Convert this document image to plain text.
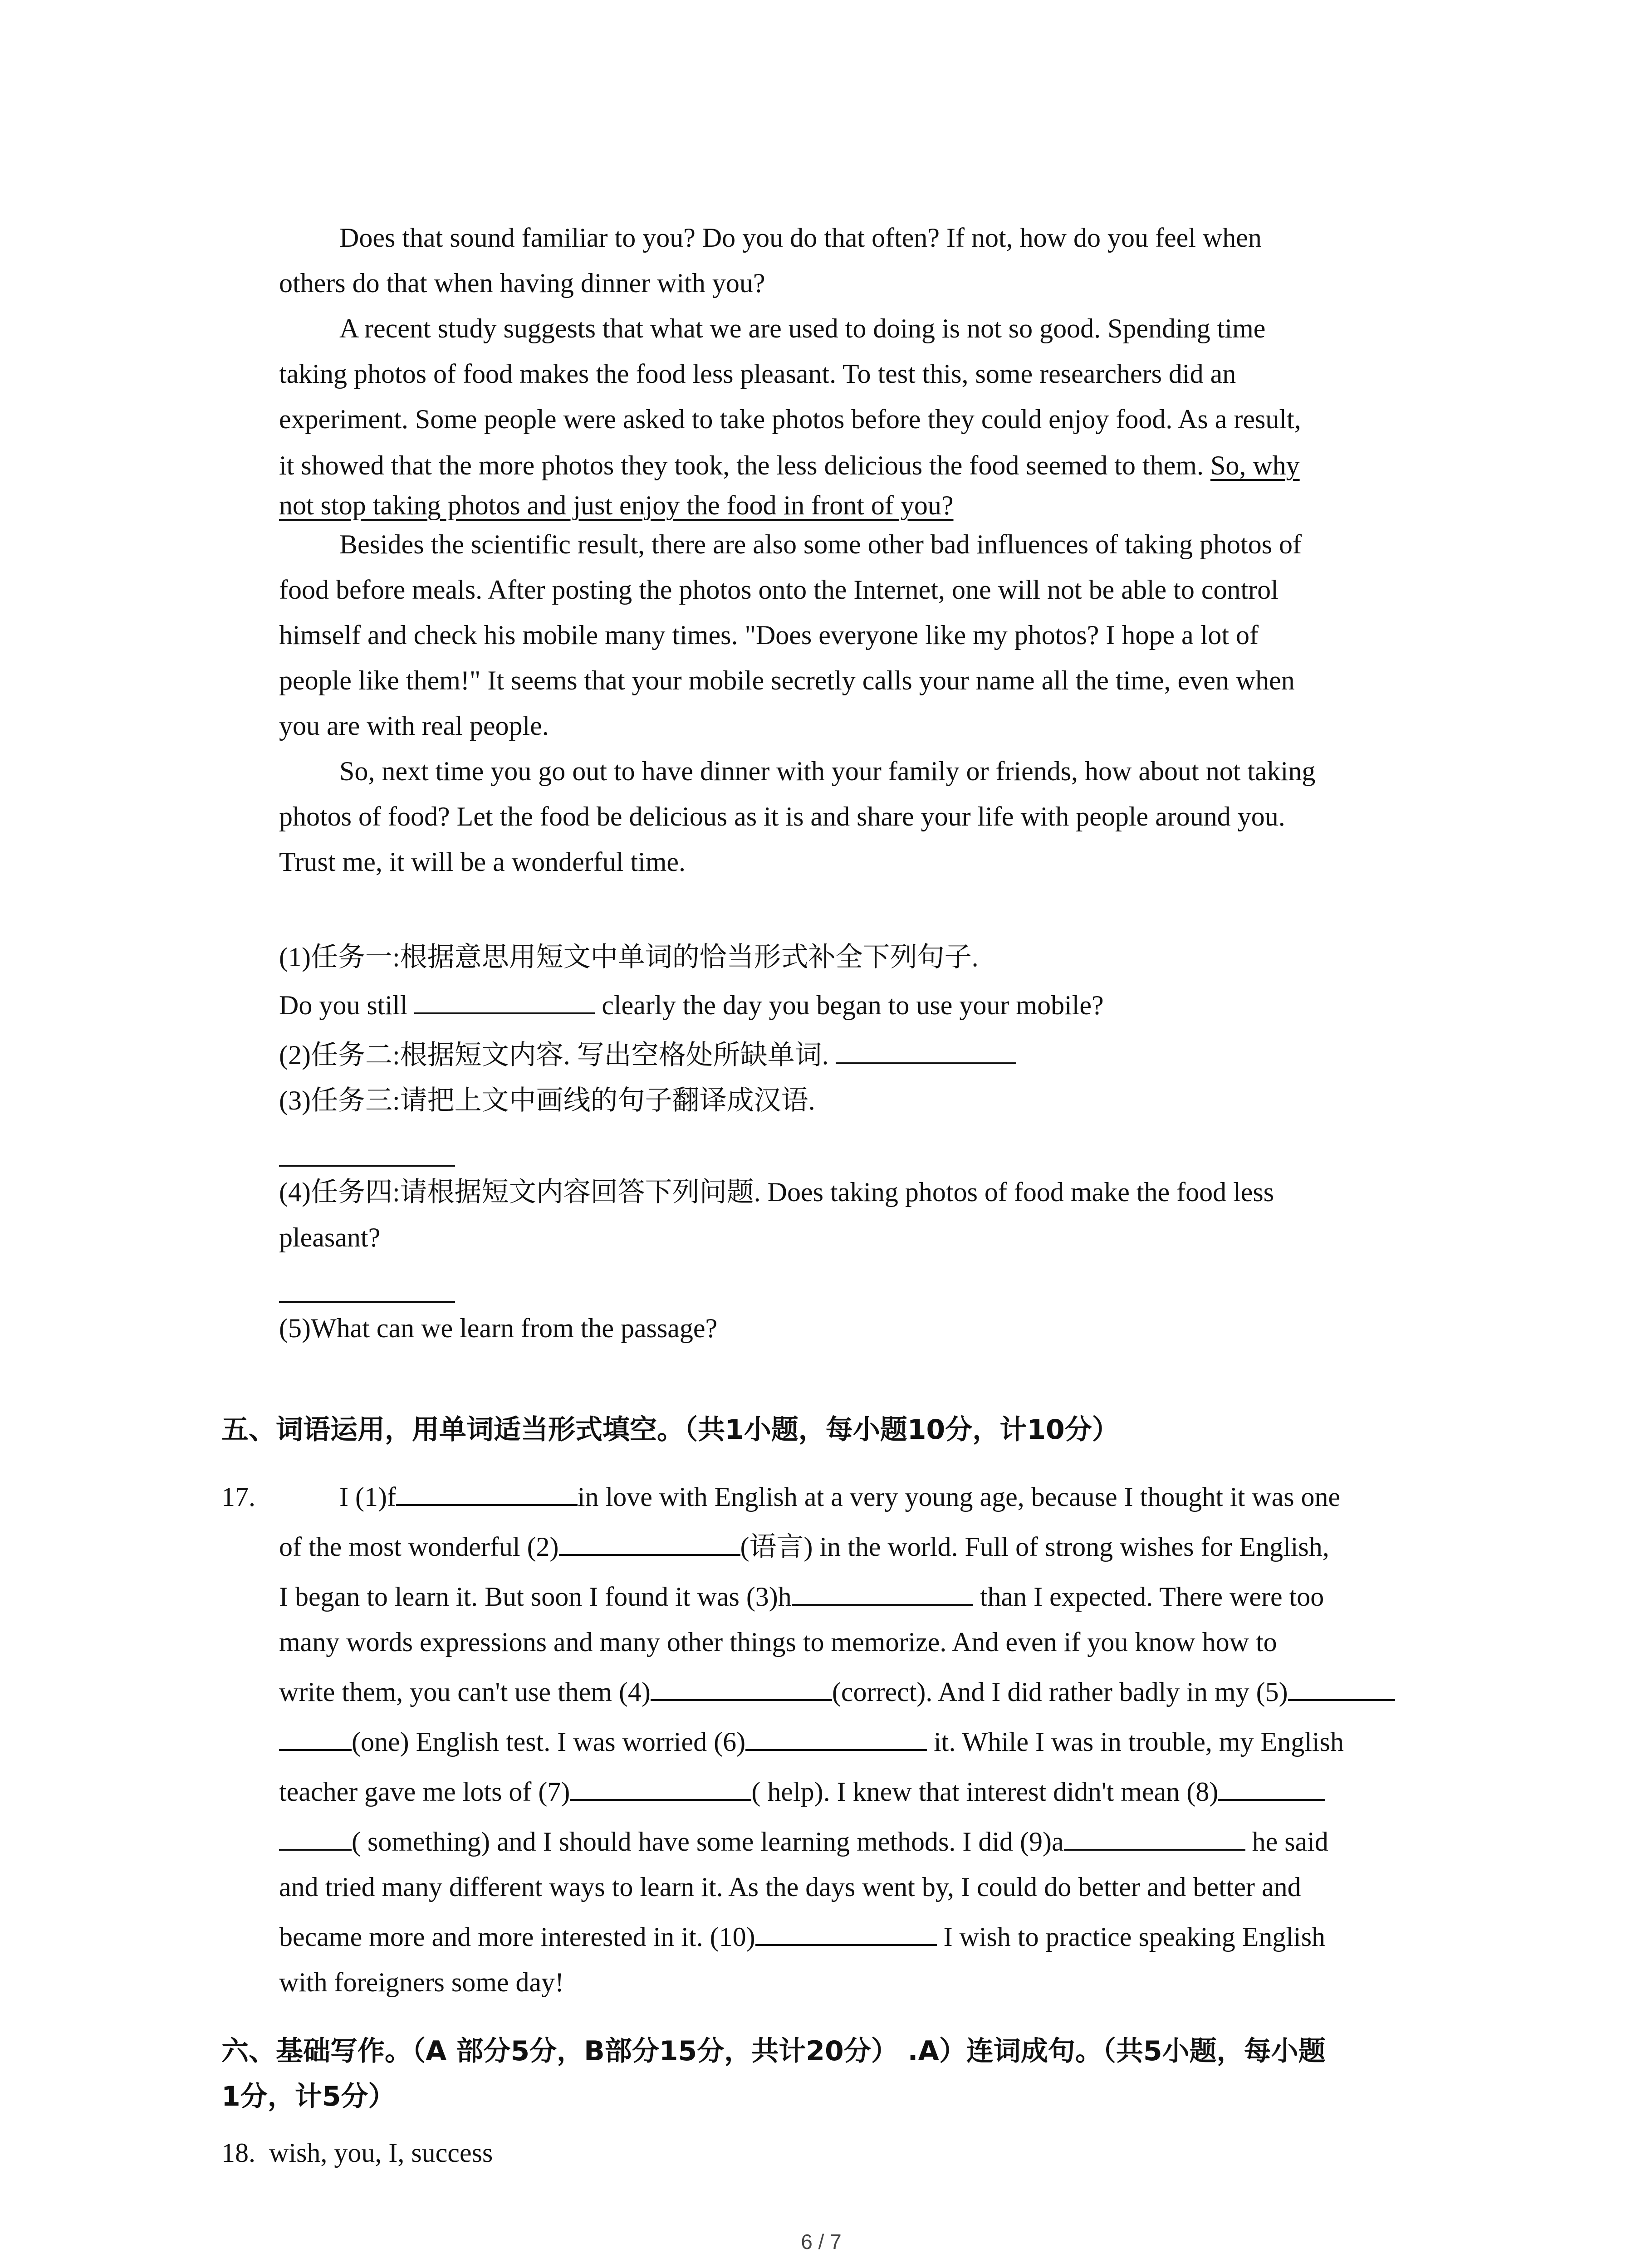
Does that sound familiar to you? Do you do that often? If not, how do you feel when
others do that when having dinner with you?
A recent study suggests that what we are used to doing is not so good. Spending time
taking photos of food makes the food less pleasant. To test this, some researchers did an
experiment. Some people were asked to take photos before they could enjoy food. As a result,
it showed that the more photos they took, the less delicious the food seemed to them. So, why
not stop taking photos and just enjoy the food in front of you?
Besides the scientific result, there are also some other bad influences of taking photos of
food before meals. After posting the photos onto the Internet, one will not be able to control
himself and check his mobile many times. "Does everyone like my photos? I hope a lot of
people like them!" It seems that your mobile secretly calls your name all the time, even when
you are with real people.
So, next time you go out to have dinner with your family or friends, how about not taking
photos of food? Let the food be delicious as it is and share your life with people around you.
Trust me, it will be a wonderful time.
(1)任务一:根据意思用短文中单词的恰当形式补全下列句子.
Do you still	clearly the day you began to use your mobile?
(2)任务二:根据短文内容. 写出空格处所缺单词.
(3)任务三:请把上文中画线的句子翻译成汉语.
(4)任务四:请根据短文内容回答下列问题. Does taking photos of food make the food less
pleasant?
(5)What can we learn from the passage?
五、词语运用，用单词适当形式填空。（共1小题，每小题10分，计10分）
17.	I (1)f	in love with English at a very young age, because I thought it was one
of the most wonderful (2)	(语言) in the world. Full of strong wishes for English,
I began to learn it. But soon I found it was (3)h	than I expected. There were too
many words expressions and many other things to memorize. And even if you know how to
write them, you can't use them (4)	(correct). And I did rather badly in my (5)
(one) English test. I was worried (6)	it. While I was in trouble, my English
teacher gave me lots of (7)	( help). I knew that interest didn't mean (8)
( something) and I should have some learning methods. I did (9)a	he said
and tried many different ways to learn it. As the days went by, I could do better and better and
became more and more interested in it. (10)	I wish to practice speaking English
with foreigners some day!
六、基础写作。（A 部分5分，B部分15分，共计20分） .A）连词成句。（共5小题，每小题
1分，计5分）
18.  wish, you, I, success
6 / 7
